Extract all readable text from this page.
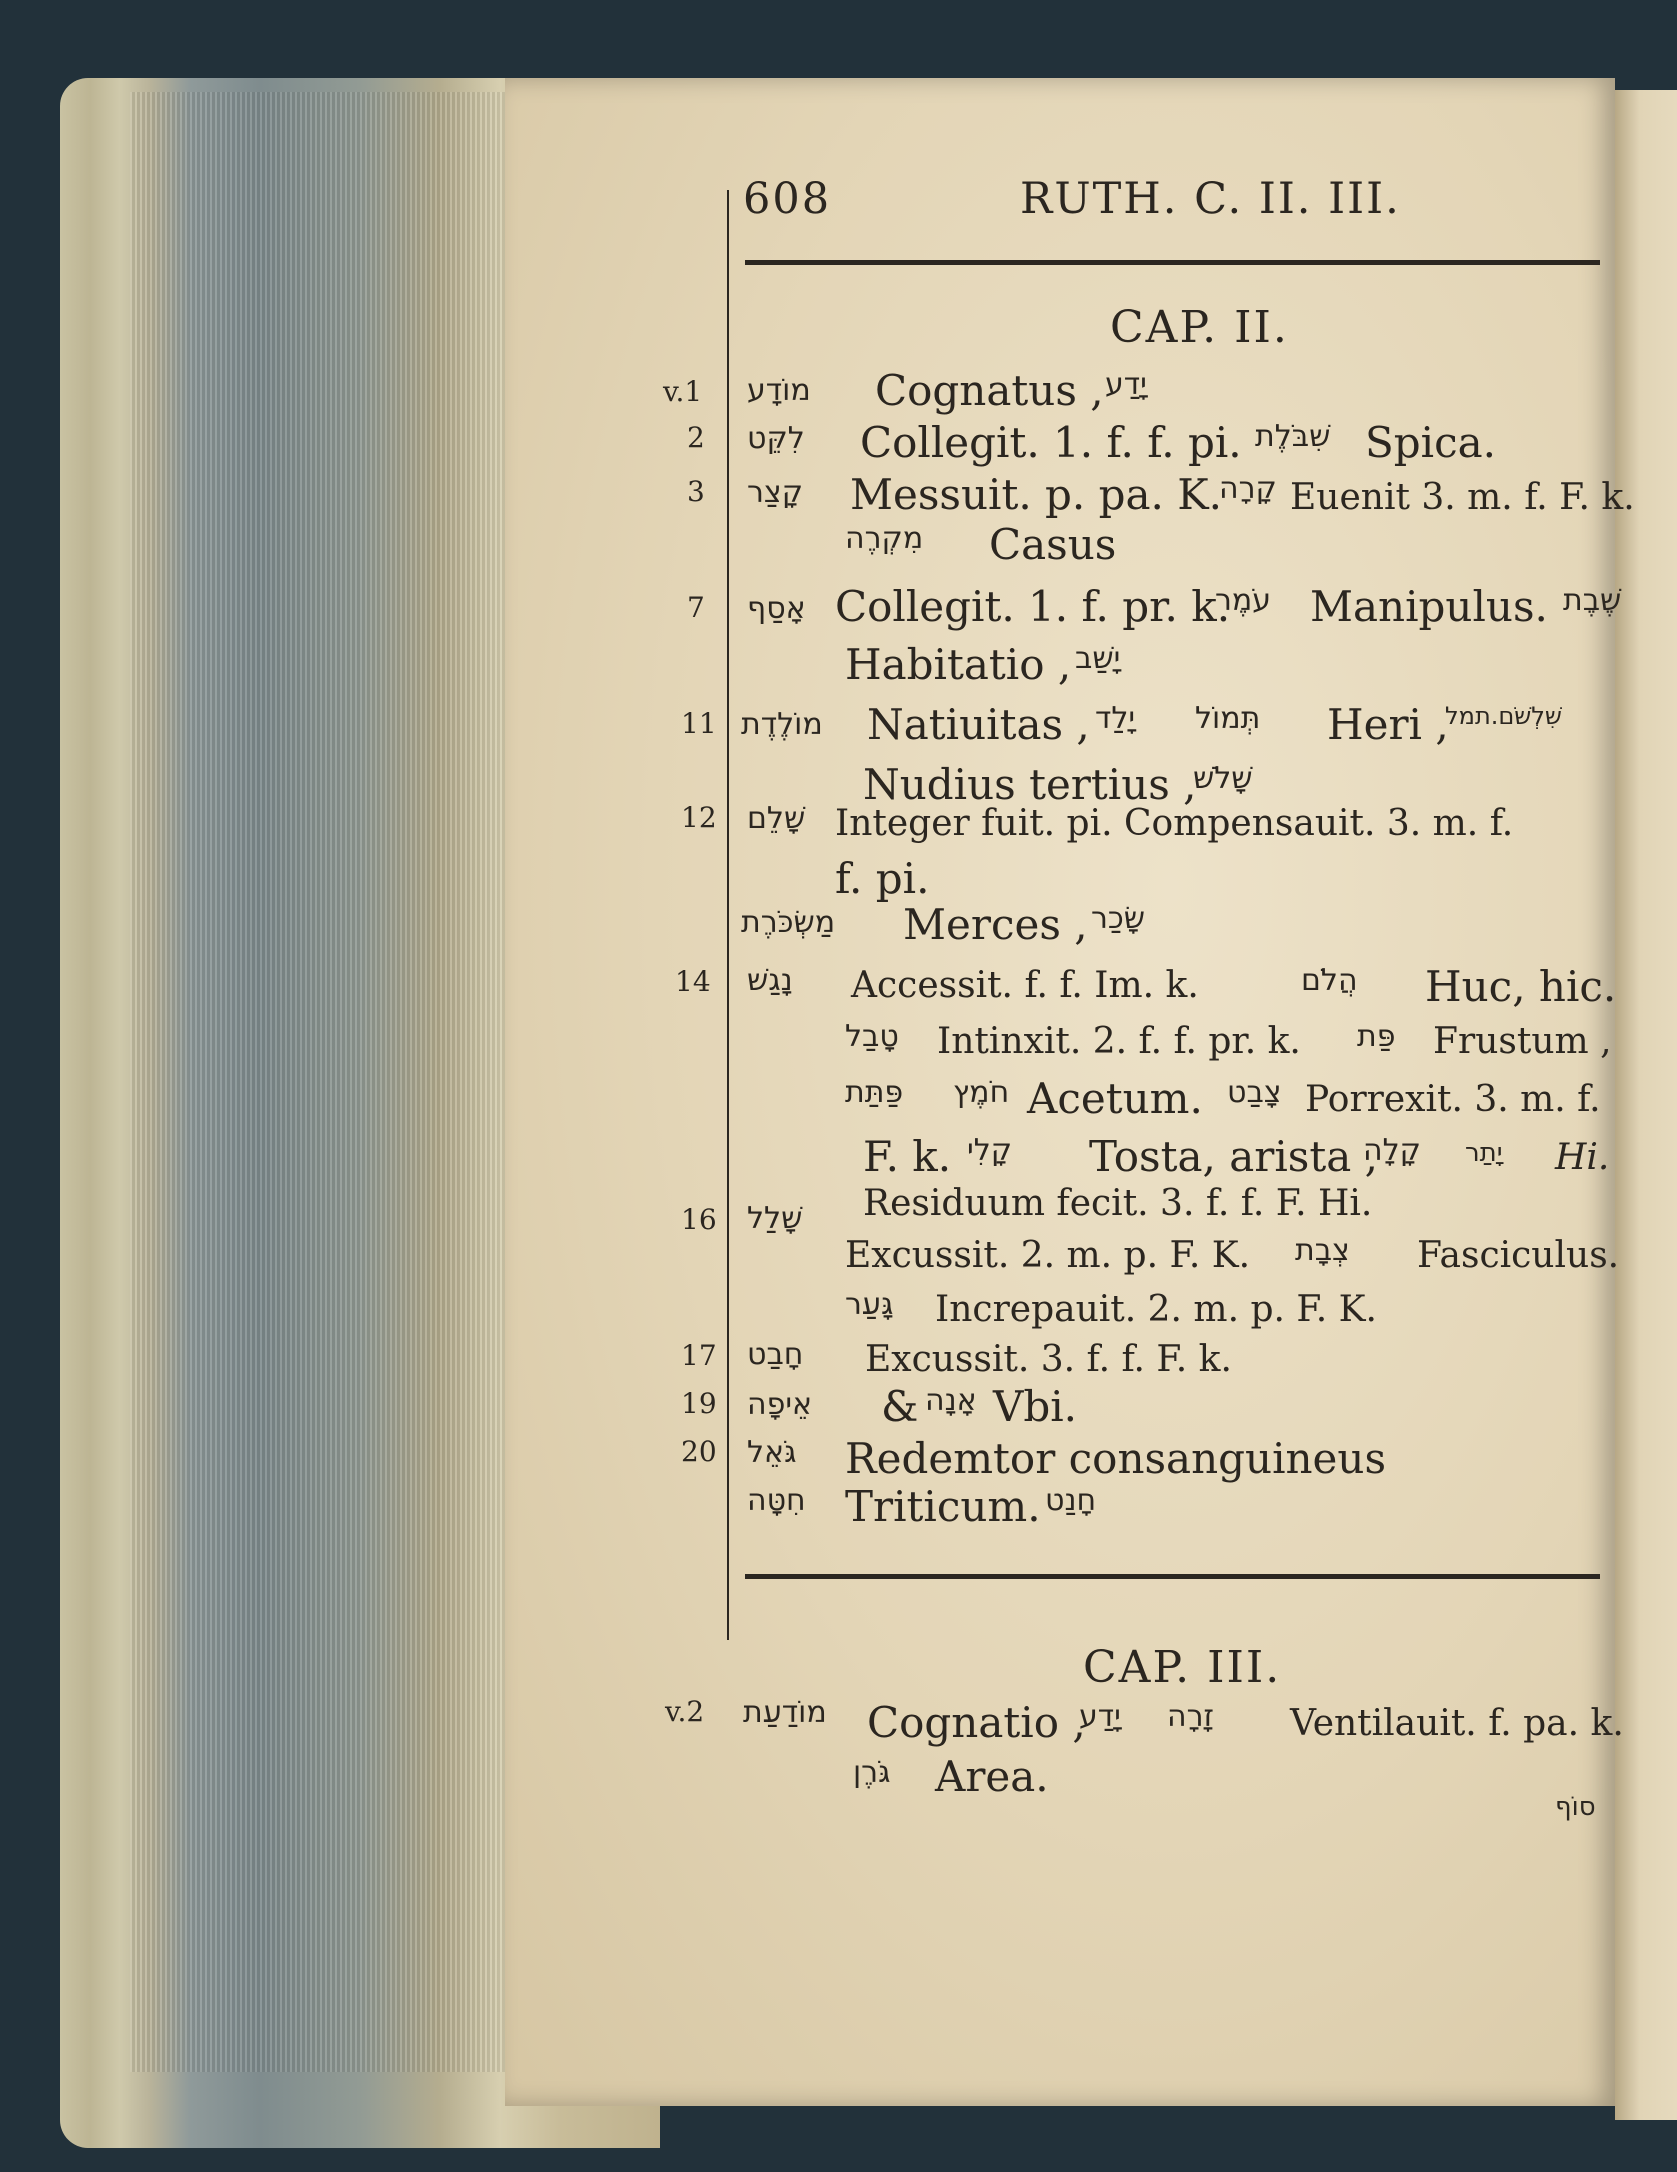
608	RUTH. C. II. III.
CAP. II.
v.1
2
3
7
11
12
14
16
17
19
20
v.2
מוֹדָע
לִקֵּט
קָצַר
אָסַף
מוֹלֶדֶת
שָׁלֵם
מַשְׂכֹּרֶת
נָגַשׁ
שָׁלַל
חָבַט
אֵיפָה
גֹּאֵל
חִטָּה
מוֹדַעַת
Cognatus , יָדַע
Collegit. 1. f. f. pi. שִׁבֹּלֶת Spica.
Messuit. p. pa. K.
קָרָה Euenit 3. m. f. F. k.
מִקְרֶה Casus
Collegit. 1. f. pr. k.
עֹמֶר Manipulus. שֶׁבֶת
Habitatio , יָשַׁב
Natiuitas , יָלַד תְּמוֹל Heri ,
שִׁלְשֹׁם.תמל
Nudius tertius ,
שָׁלֹשׁ
Integer fuit. pi. Compensauit. 3. m. f.
f. pi.
Merces , שָׂכַר
Accessit. f. f. Im. k.	הֲלֹם Huc, hic.
טָבַל Intinxit. 2. f. f. pr. k. פַּת Frustum ,
פַּתַּת חֹמֶץ Acetum. צָבַט Porrexit. 3. m. f.
F. k. קָלִי Tosta, arista ,
קָלָה יָתַר Hi.
Residuum fecit. 3. f. f. F. Hi.
Excussit. 2. m. p. F. K. צְבָת Fasciculus.
גָּעַר Increpauit. 2. m. p. F. K.
Excussit. 3. f. f. F. k.
& אָנָה Vbi.
Redemtor consanguineus
Triticum. חָנַט
CAP. III.
Cognatio ,
יָדַע זָרָה Ventilauit. f. pa. k.
גֹּרֶן Area.
סוֹף
